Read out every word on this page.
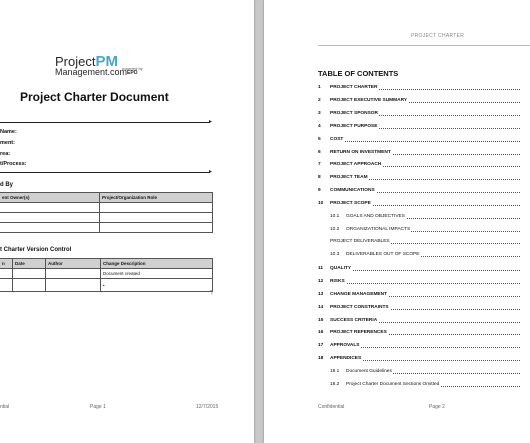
ProjectPM
Management.com
powered by
EPO
Project Charter Document
▸
Name:
ment:
rea:
t/Process:
▸
d By
ent Owner(s)	Project/Organization Role

t Charter Version Control
n	Date	Author	Change Description
			Document created
			•
¶
ntial	Page 1	12/7/2015
PROJECT CHARTER
TABLE OF CONTENTS
1 PROJECT CHARTER
2 PROJECT EXECUTIVE SUMMARY
3 PROJECT SPONSOR
4 PROJECT PURPOSE
5 COST
6 RETURN ON INVESTMENT
7 PROJECT APPROACH
8 PROJECT TEAM
9 COMMUNICATIONS
10 PROJECT SCOPE
10.1 GOALS AND OBJECTIVES
10.2 ORGANIZATIONAL IMPACTS
PROJECT DELIVERABLES
10.3 DELIVERABLES OUT OF SCOPE
11 QUALITY
12 RISKS
13 CHANGE MANAGEMENT
14 PROJECT CONSTRAINTS
15 SUCCESS CRITERIA
16 PROJECT REFERENCES
17 APPROVALS
18 APPENDICES
18.1 Document Guidelines
18.2 Project Charter Document Sections Omitted
Confidential	Page 2
